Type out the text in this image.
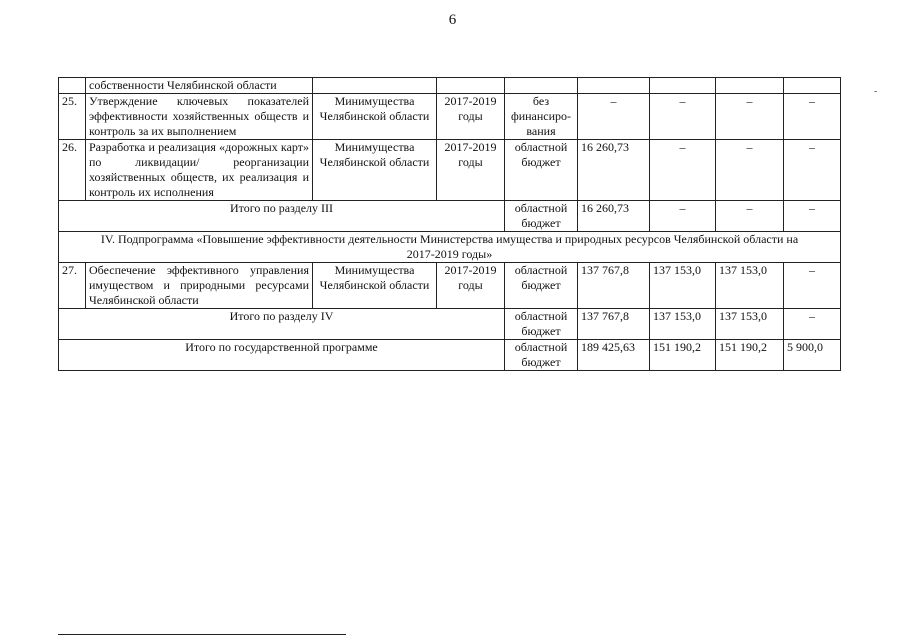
6
-
	собственности Челябинской области							
25.	Утверждение ключевых показателей эффективности хозяйственных обществ и контроль за их выполнением	Минимущества Челябинской области	2017-2019 годы	без финансиро-вания	–	–	–	–
26.	Разработка и реализация «дорожных карт» по ликвидации/ реорганизации хозяйственных обществ, их реализация и контроль их исполнения	Минимущества Челябинской области	2017-2019 годы	областной бюджет	16 260,73	–	–	–
Итого по разделу III				областной бюджет	16 260,73	–	–	–
IV. Подпрограмма «Повышение эффективности деятельности Министерства имущества и природных ресурсов Челябинской области на 2017-2019 годы»								
27.	Обеспечение эффективного управления имуществом и природными ресурсами Челябинской области	Минимущества Челябинской области	2017-2019 годы	областной бюджет	137 767,8	137 153,0	137 153,0	–
Итого по разделу IV				областной бюджет	137 767,8	137 153,0	137 153,0	–
Итого по государственной программе				областной бюджет	189 425,63	151 190,2	151 190,2	5 900,0
